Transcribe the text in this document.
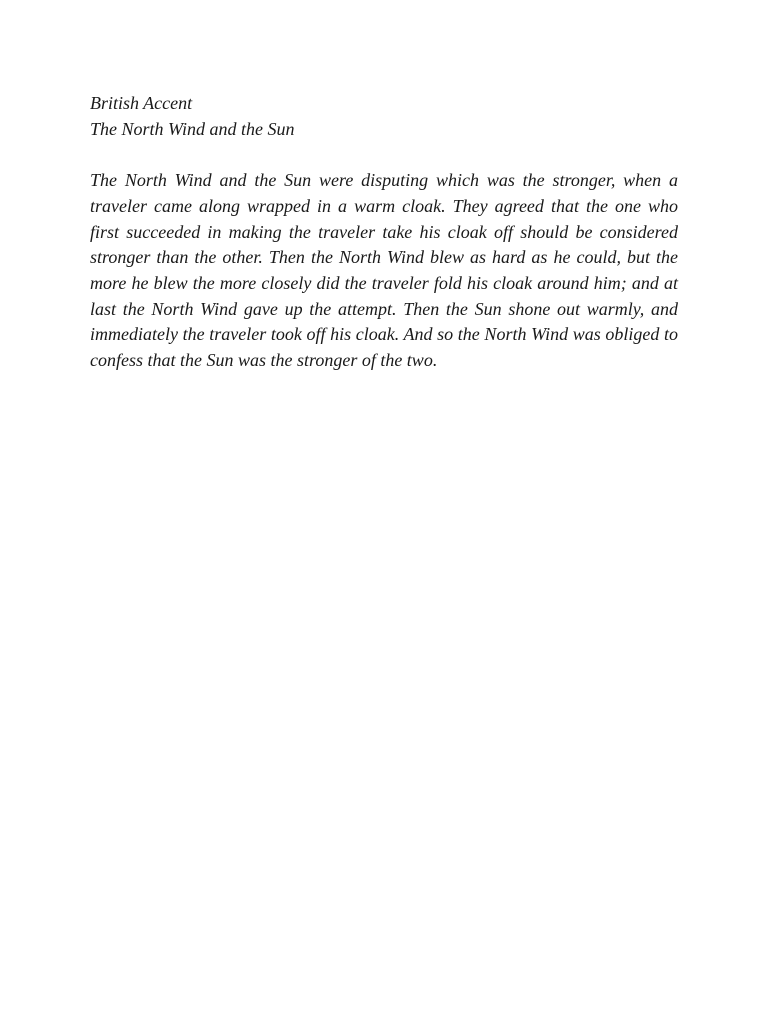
British Accent
The North Wind and the Sun

The North Wind and the Sun were disputing which was the stronger, when a traveler came along wrapped in a warm cloak. They agreed that the one who first succeeded in making the traveler take his cloak off should be considered stronger than the other. Then the North Wind blew as hard as he could, but the more he blew the more closely did the traveler fold his cloak around him; and at last the North Wind gave up the attempt. Then the Sun shone out warmly, and immediately the traveler took off his cloak. And so the North Wind was obliged to confess that the Sun was the stronger of the two.
